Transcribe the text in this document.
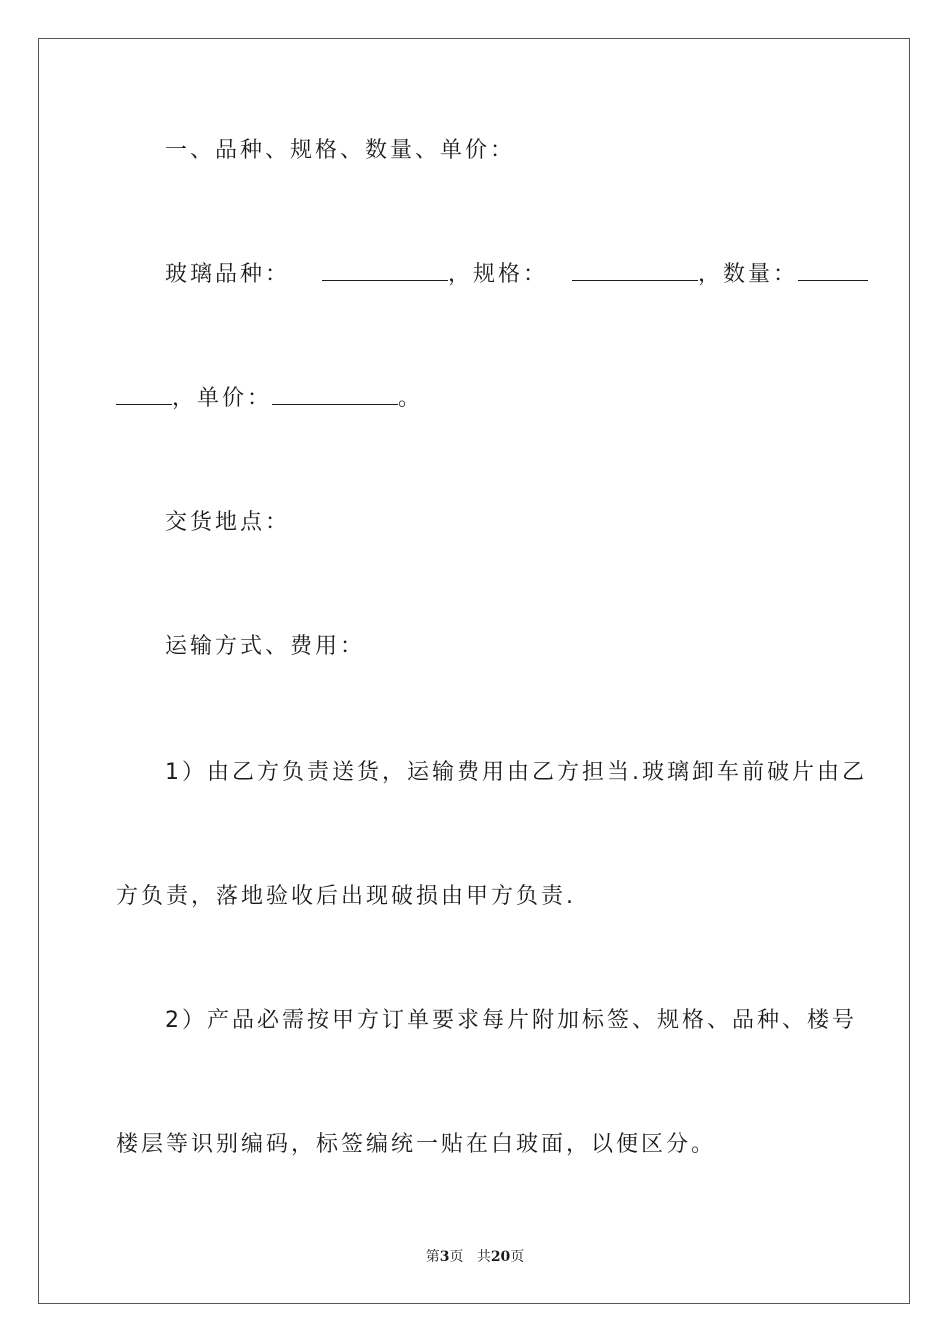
一、品种、规格、数量、单价：
玻璃品种：	，规格：	，数量：
，单价：	。
交货地点：
运输方式、费用：
1）由乙方负责送货，运输费用由乙方担当.玻璃卸车前破片由乙
方负责，落地验收后出现破损由甲方负责.
2）产品必需按甲方订单要求每片附加标签、规格、品种、楼号
楼层等识别编码，标签编统一贴在白玻面，以便区分。
第3页 共20页
